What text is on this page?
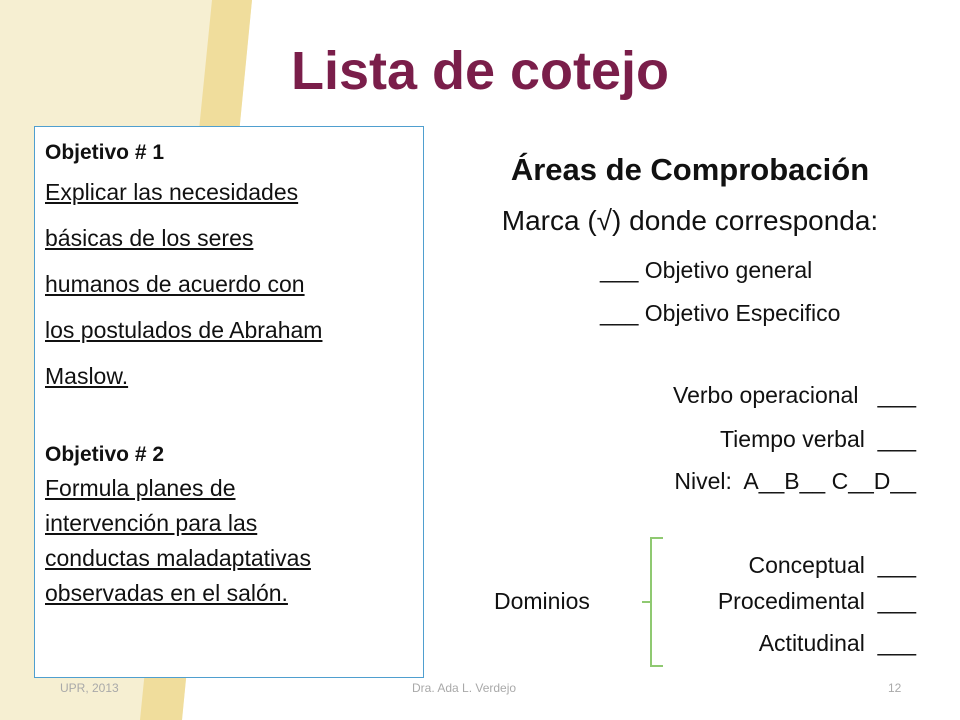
Lista de cotejo

Objetivo # 1

Explicar las necesidades

básicas de los seres

humanos de acuerdo con

los postulados de Abraham

Maslow.

Objetivo # 2

Formula planes de

intervención para las

conductas maladaptativas

observadas en el salón.

Áreas de Comprobación

Marca (√) donde corresponda:

___ Objetivo general

___ Objetivo Especifico

Verbo operacional   ___

Tiempo verbal  ___

Nivel:  A__B__ C__D__

Dominios

Conceptual  ___

Procedimental  ___

Actitudinal  ___

UPR, 2013	Dra. Ada L. Verdejo	12
